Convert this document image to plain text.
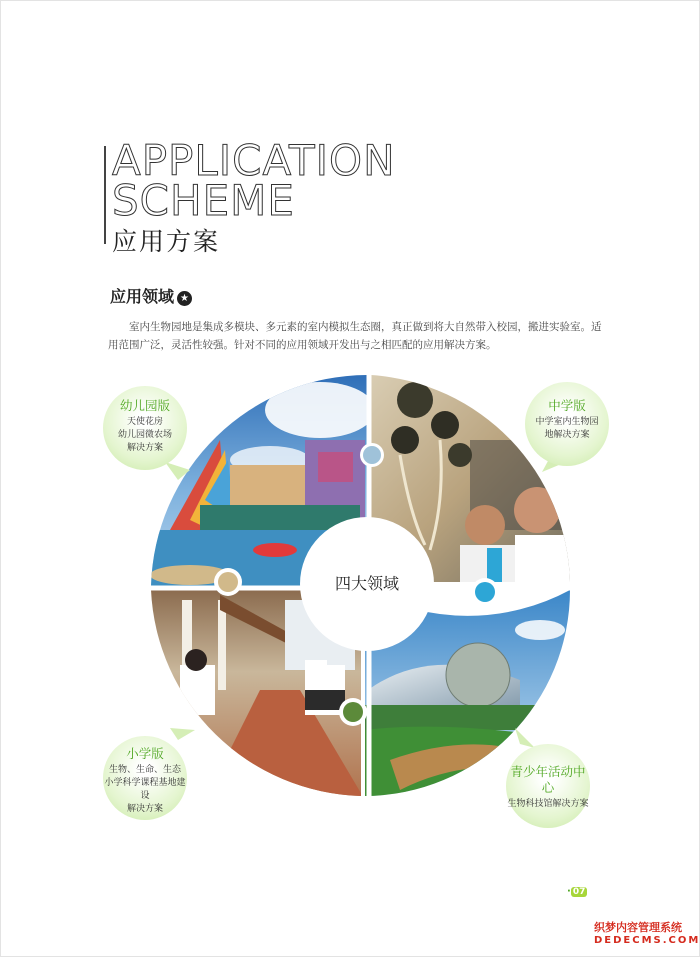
APPLICATION
SCHEME
应用方案
应用领域 ★
室内生物园地是集成多模块、多元素的室内模拟生态圈，真正做到将大自然带入校园，搬进实验室。适用范围广泛，灵活性较强。针对不同的应用领域开发出与之相匹配的应用解决方案。
四大领域
幼儿园版
天使花房
幼儿园微农场
解决方案
中学版
中学室内生物园
地解决方案
小学版
生物、生命、生态
小学科学课程基地建设
解决方案
青少年活动中心
生物科技馆解决方案
· 07
织梦内容管理系统
DEDECMS.COM
